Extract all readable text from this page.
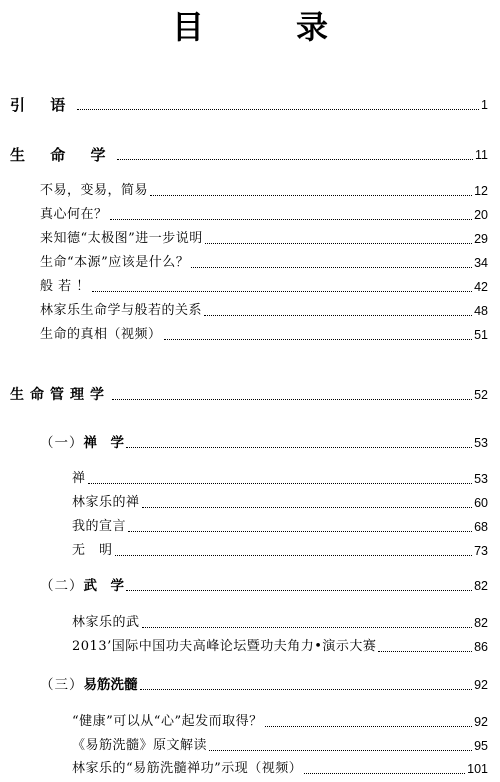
目　录
引 语	1
生 命 学	11
不易，变易，简易	12
真心何在？	20
来知德“太极图”进一步说明	29
生命“本源”应该是什么？	34
般 若 ！	42
林家乐生命学与般若的关系	48
生命的真相（视频）	51
生命管理学	52
（一）禅　学	53
禅	53
林家乐的禅	60
我的宣言	68
无　明	73
（二）武　学	82
林家乐的武	82
2013’国际中国功夫高峰论坛暨功夫角力•演示大赛	86
（三）易筋洗髓	92
“健康”可以从“心”起发而取得？	92
《易筋洗髓》原文解读	95
林家乐的“易筋洗髓禅功”示现（视频）	101
